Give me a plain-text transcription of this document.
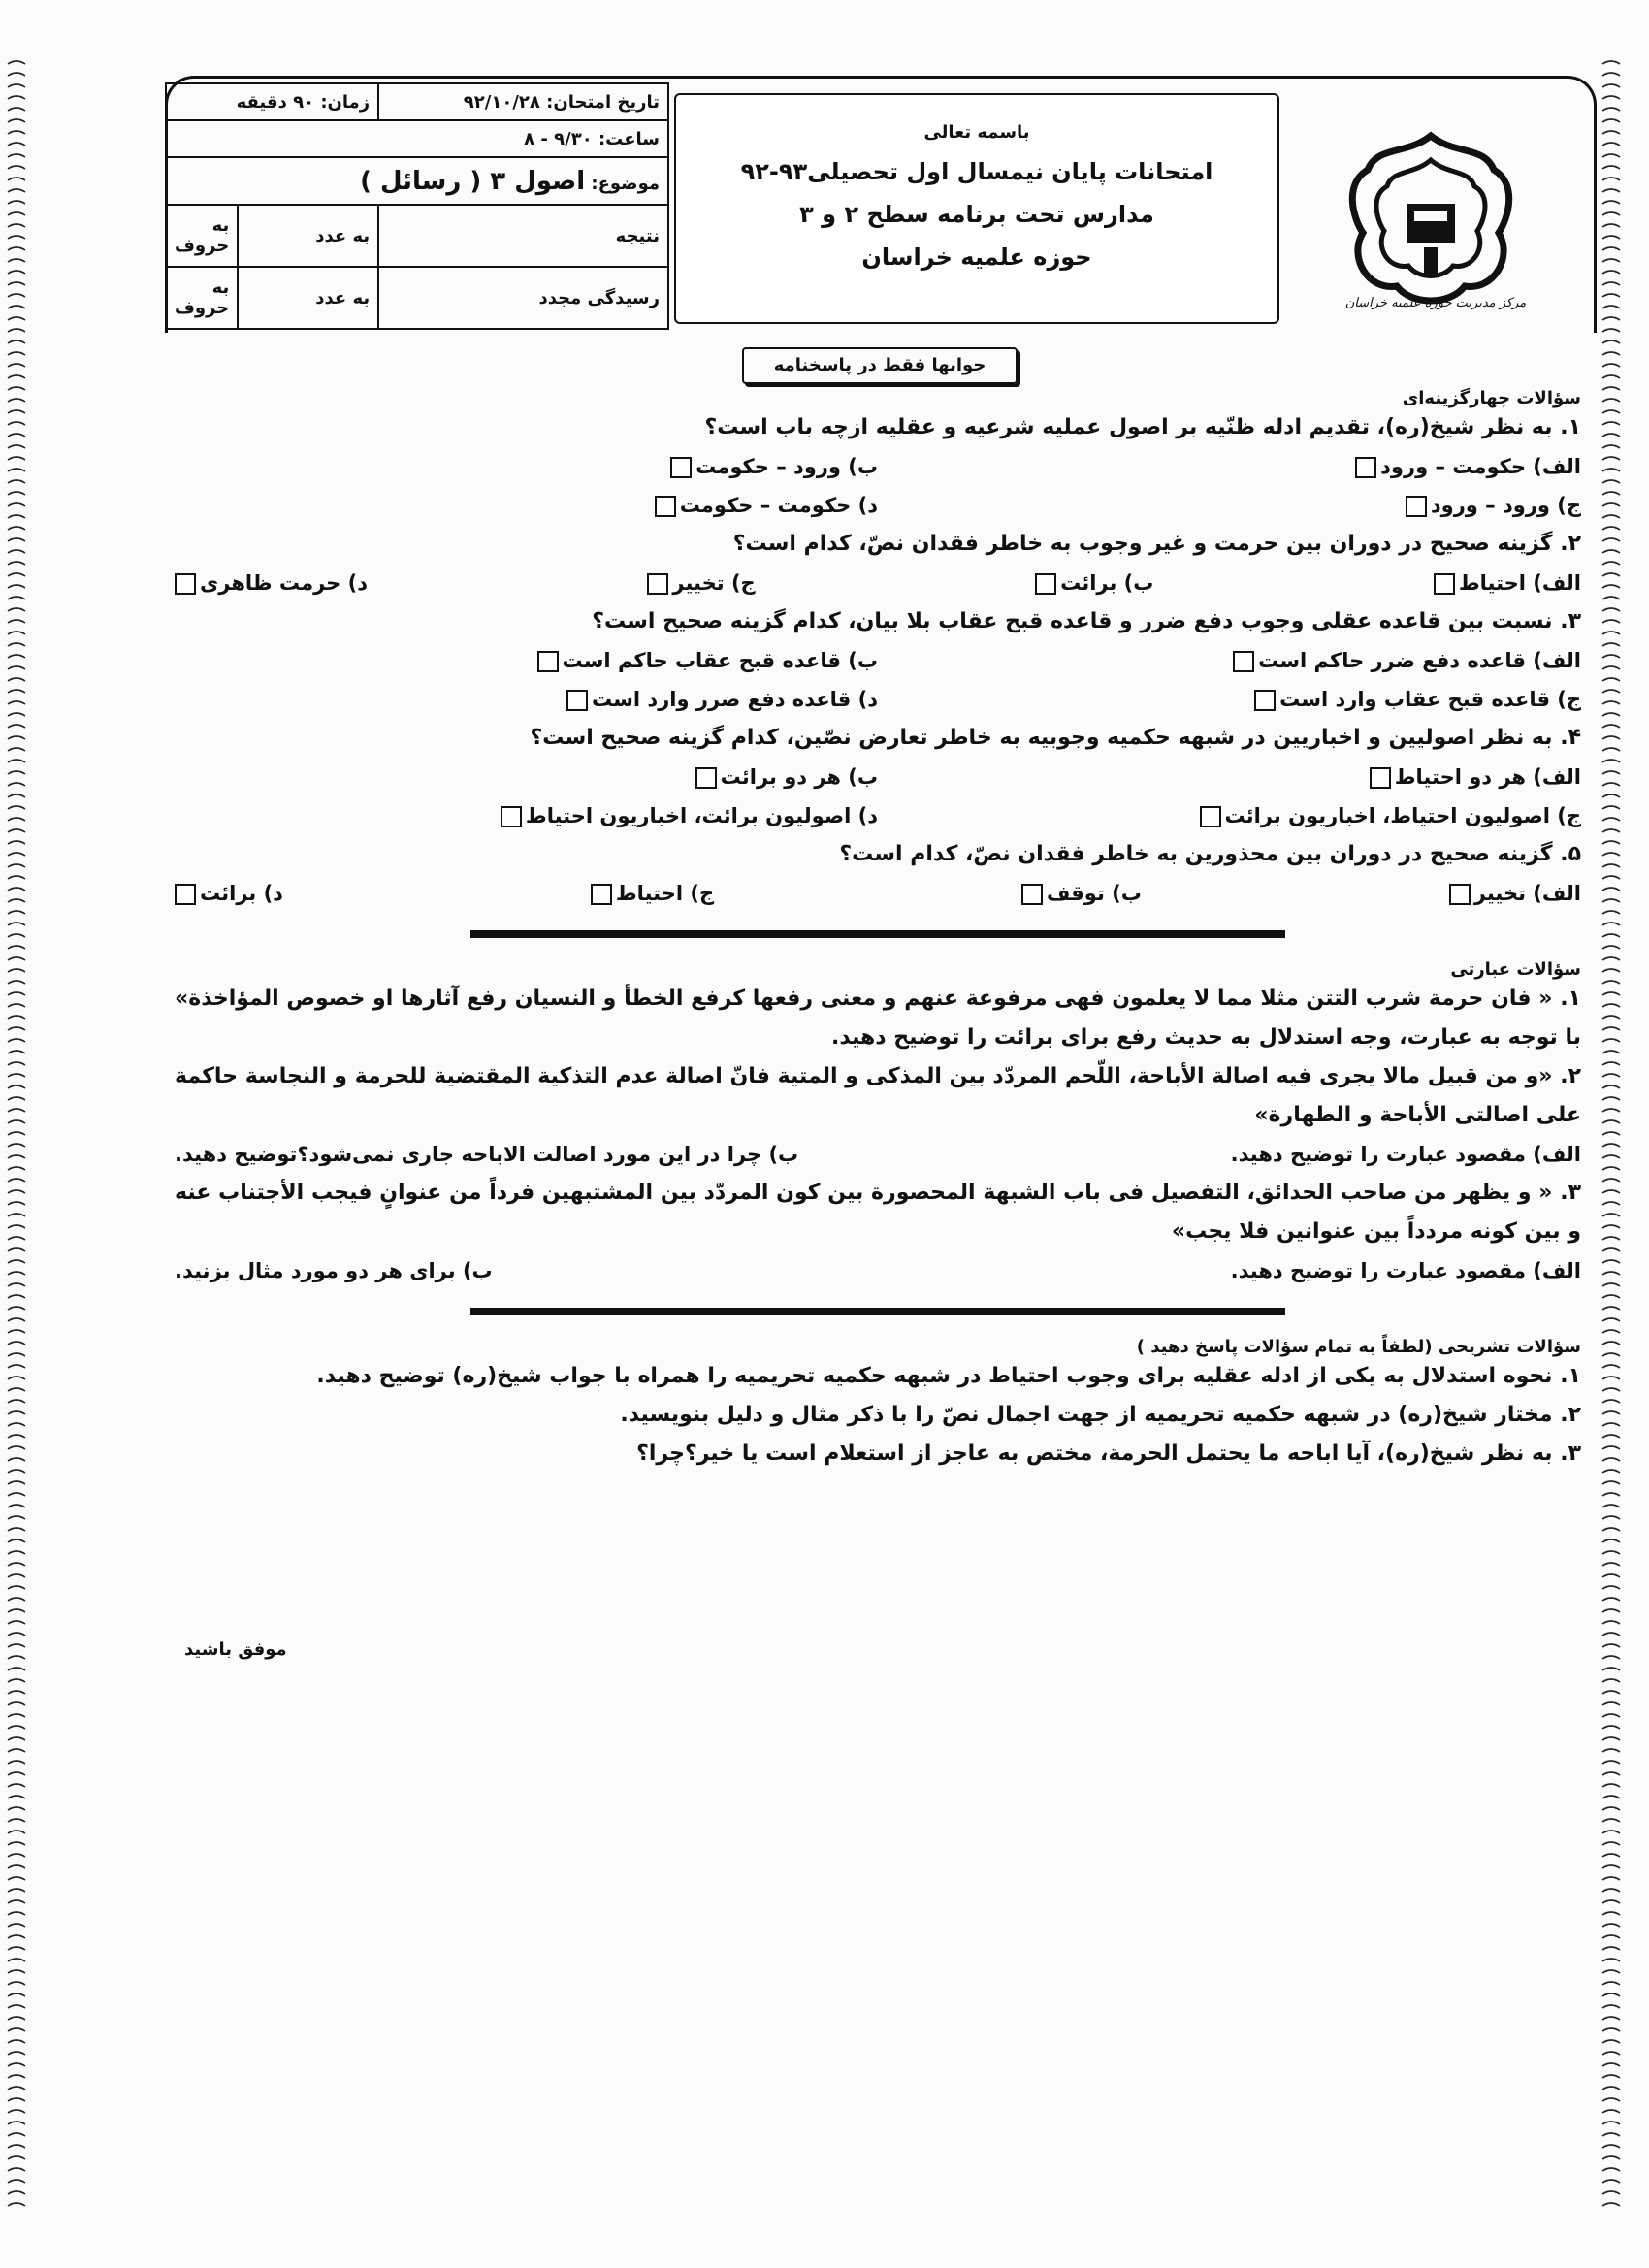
مرکز مدیریت حوزه علمیه خراسان
باسمه تعالی
امتحانات پایان نیمسال اول تحصیلی۹۳-۹۲
مدارس تحت برنامه سطح ۲ و ۳
حوزه علمیه خراسان
تاریخ امتحان: ۹۲/۱۰/۲۸	زمان: ۹۰ دقیقه	
ساعت: ۹/۳۰ - ۸		
موضوع: اصول ۳ ( رسائل )		
نتیجه	به عدد	به حروف
رسیدگی مجدد	به عدد	به حروف
جوابها فقط در پاسخنامه

سؤالات چهارگزینه‌ای

۱. به نظر شیخ(ره)، تقدیم ادله ظنّیه بر اصول عملیه شرعیه و عقلیه ازچه باب است؟

الف) حکومت – ورود
ب) ورود – حکومت
ج) ورود – ورود
د) حکومت – حکومت

۲. گزینه صحیح در دوران بین حرمت و غیر وجوب به خاطر فقدان نصّ، کدام است؟

الف) احتیاط
ب) برائت
ج) تخییر
د) حرمت ظاهری

۳. نسبت بین قاعده عقلی وجوب دفع ضرر و قاعده قبح عقاب بلا بیان، کدام گزینه صحیح است؟

الف) قاعده دفع ضرر حاکم است
ب) قاعده قبح عقاب حاکم است
ج) قاعده قبح عقاب وارد است
د) قاعده دفع ضرر وارد است

۴. به نظر اصولیین و اخباریین در شبهه حکمیه وجوبیه به خاطر تعارض نصّین، کدام گزینه صحیح است؟

الف) هر دو احتیاط
ب) هر دو برائت
ج) اصولیون احتیاط، اخباریون برائت
د) اصولیون برائت، اخباریون احتیاط

۵. گزینه صحیح در دوران بین محذورین به خاطر فقدان نصّ، کدام است؟

الف) تخییر
ب) توقف
ج) احتیاط
د) برائت

سؤالات عبارتی

۱. « فان حرمة شرب التتن مثلا مما لا یعلمون فهی مرفوعة عنهم و معنی رفعها کرفع الخطأ و النسیان رفع آثارها او خصوص المؤاخذة» با توجه به عبارت، وجه استدلال به حدیث رفع برای برائت را توضیح دهید.

۲. «و من قبیل مالا یجری فیه اصالة الأباحة، اللّحم المردّد بین المذکی و المتیة فانّ اصالة عدم التذکیة المقتضیة للحرمة و النجاسة حاکمة علی اصالتی الأباحة و الطهارة»

الف) مقصود عبارت را توضیح دهید.
ب) چرا در این مورد اصالت الاباحه جاری نمی‌شود؟توضیح دهید.

۳. « و یظهر من صاحب الحدائق، التفصیل فی باب الشبهة المحصورة بین کون المردّد بین المشتبهین فرداً من عنوانٍ فیجب الأجتناب عنه و بین کونه مردداً بین عنوانین فلا یجب»

الف) مقصود عبارت را توضیح دهید.
ب) برای هر دو مورد مثال بزنید.

سؤالات تشریحی (لطفاً به تمام سؤالات پاسخ دهید )

۱. نحوه استدلال به یکی از ادله عقلیه برای وجوب احتیاط در شبهه حکمیه تحریمیه را همراه با جواب شیخ(ره) توضیح دهید.

۲. مختار شیخ(ره) در شبهه حکمیه تحریمیه از جهت اجمال نصّ را با ذکر مثال و دلیل بنویسید.

۳. به نظر شیخ(ره)، آیا اباحه ما یحتمل الحرمة، مختص به عاجز از استعلام است یا خیر؟چرا؟

موفق باشید
